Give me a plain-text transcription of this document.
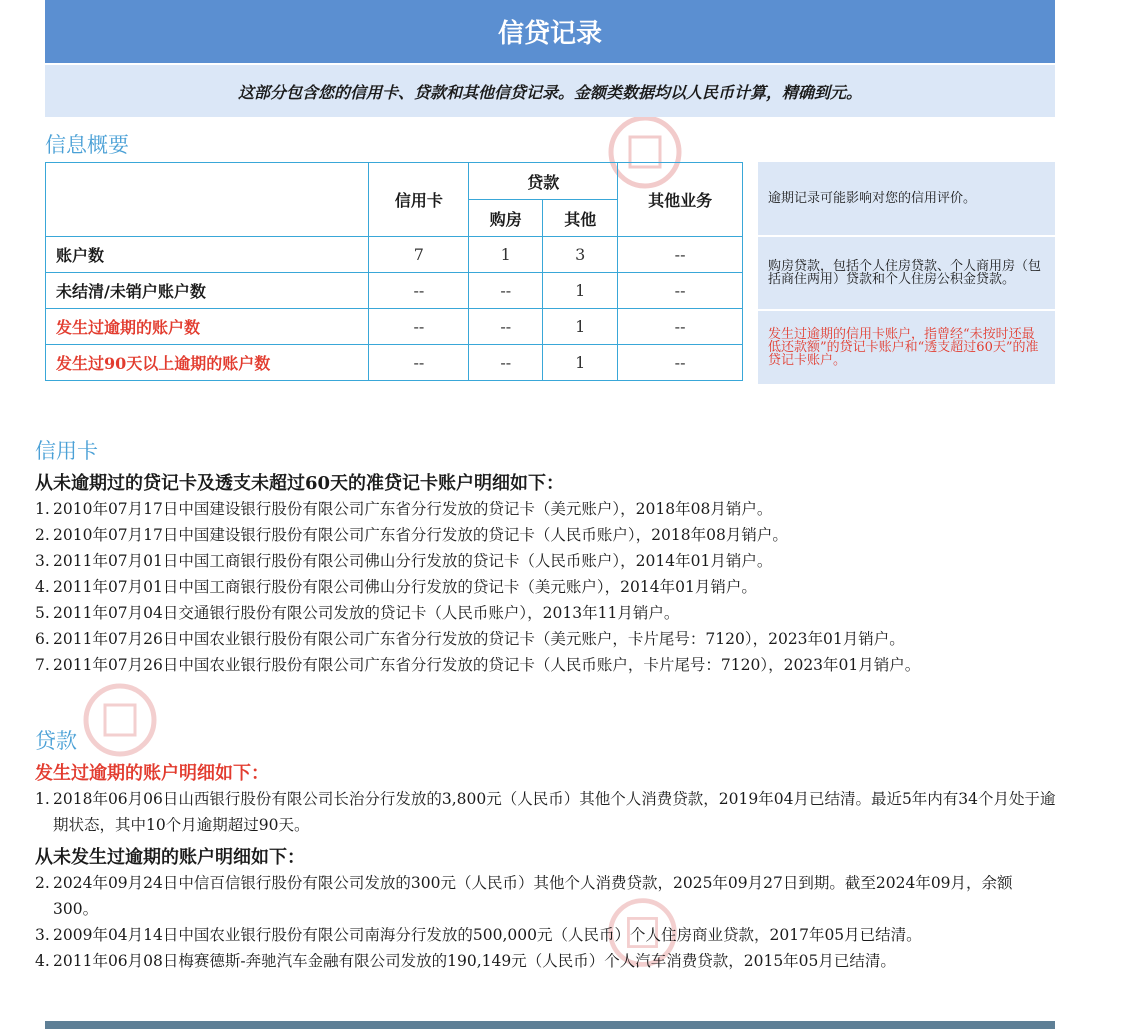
信贷记录
这部分包含您的信用卡、贷款和其他信贷记录。金额类数据均以人民币计算，精确到元。
信息概要
	信用卡	贷款		其他业务
		购房	其他	
账户数	7	1	3	--
未结清/未销户账户数	--	--	1	--
发生过逾期的账户数	--	--	1	--
发生过90天以上逾期的账户数	--	--	1	--
逾期记录可能影响对您的信用评价。
购房贷款，包括个人住房贷款、个人商用房（包括商住两用）贷款和个人住房公积金贷款。
发生过逾期的信用卡账户，指曾经“未按时还最低还款额”的贷记卡账户和“透支超过60天”的准贷记卡账户。
信用卡
从未逾期过的贷记卡及透支未超过60天的准贷记卡账户明细如下：
1. 2010年07月17日中国建设银行股份有限公司广东省分行发放的贷记卡（美元账户），2018年08月销户。
2. 2010年07月17日中国建设银行股份有限公司广东省分行发放的贷记卡（人民币账户），2018年08月销户。
3. 2011年07月01日中国工商银行股份有限公司佛山分行发放的贷记卡（人民币账户），2014年01月销户。
4. 2011年07月01日中国工商银行股份有限公司佛山分行发放的贷记卡（美元账户），2014年01月销户。
5. 2011年07月04日交通银行股份有限公司发放的贷记卡（人民币账户），2013年11月销户。
6. 2011年07月26日中国农业银行股份有限公司广东省分行发放的贷记卡（美元账户，卡片尾号：7120），2023年01月销户。
7. 2011年07月26日中国农业银行股份有限公司广东省分行发放的贷记卡（人民币账户，卡片尾号：7120），2023年01月销户。
贷款
发生过逾期的账户明细如下：
1. 2018年06月06日山西银行股份有限公司长治分行发放的3,800元（人民币）其他个人消费贷款，2019年04月已结清。最近5年内有34个月处于逾期状态，其中10个月逾期超过90天。
从未发生过逾期的账户明细如下：
2. 2024年09月24日中信百信银行股份有限公司发放的300元（人民币）其他个人消费贷款，2025年09月27日到期。截至2024年09月，余额300。
3. 2009年04月14日中国农业银行股份有限公司南海分行发放的500,000元（人民币）个人住房商业贷款，2017年05月已结清。
4. 2011年06月08日梅赛德斯-奔驰汽车金融有限公司发放的190,149元（人民币）个人汽车消费贷款，2015年05月已结清。
